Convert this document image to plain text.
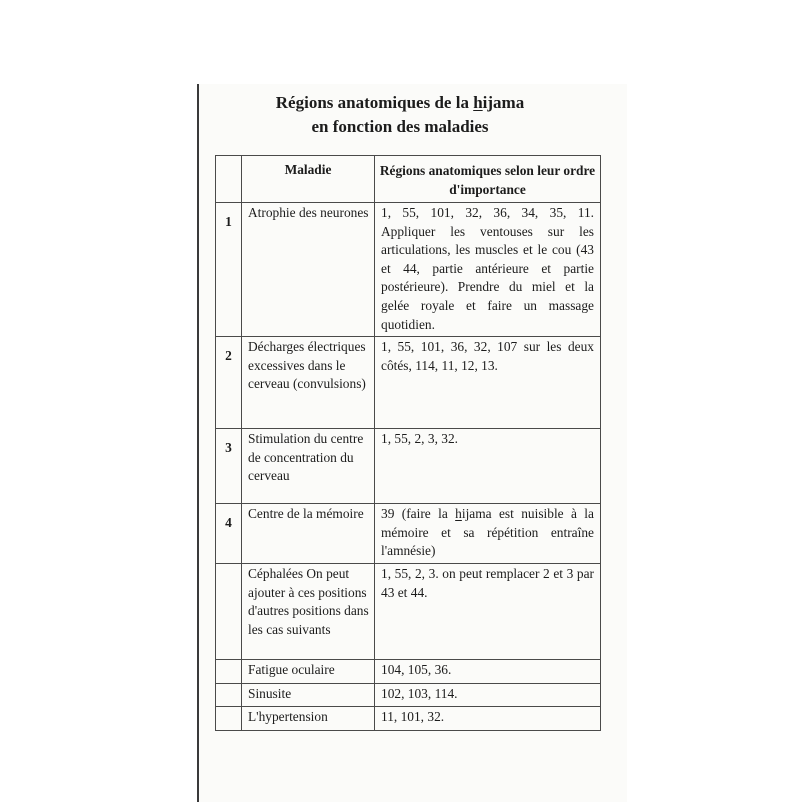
Régions anatomiques de la hijama
en fonction des maladies
	Maladie	Régions anatomiques selon leur ordre d'importance

1	Atrophie des neurones	1, 55, 101, 32, 36, 34, 35, 11. Appliquer les ventouses sur les articulations, les muscles et le cou (43 et 44, partie antérieure et partie postérieure). Prendre du miel et la gelée royale et faire un massage quotidien.

2	Décharges électriques excessives dans le cerveau (convulsions)	1, 55, 101, 36, 32, 107 sur les deux côtés, 114, 11, 12, 13.

3	Stimulation du centre de concentration du cerveau	1, 55, 2, 3, 32.

4	Centre de la mémoire	39 (faire la hijama est nuisible à la mémoire et sa répétition entraîne l'amnésie)

	Céphalées On peut ajouter à ces positions d'autres positions dans les cas suivants	1, 55, 2, 3. on peut remplacer 2 et 3 par 43 et 44.

	Fatigue oculaire	104, 105, 36.

	Sinusite	102, 103, 114.

	L'hypertension	11, 101, 32.
